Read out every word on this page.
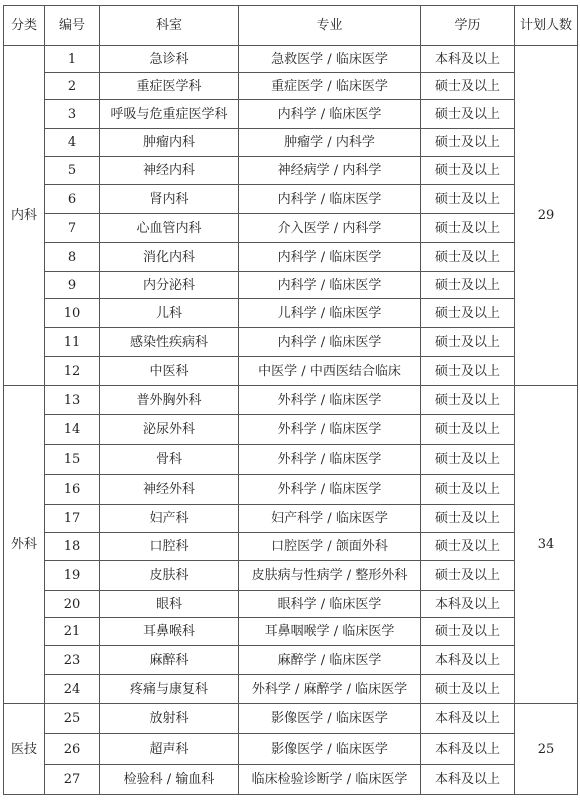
分类	编号	科室	专业	学历	计划人数
内科	1	急诊科	急救医学 / 临床医学	本科及以上	29
	2	重症医学科	重症医学 / 临床医学	硕士及以上	
	3	呼吸与危重症医学科	内科学 / 临床医学	硕士及以上	
	4	肿瘤内科	肿瘤学 / 内科学	硕士及以上	
	5	神经内科	神经病学 / 内科学	硕士及以上	
	6	肾内科	内科学 / 临床医学	硕士及以上	
	7	心血管内科	介入医学 / 内科学	硕士及以上	
	8	消化内科	内科学 / 临床医学	硕士及以上	
	9	内分泌科	内科学 / 临床医学	硕士及以上	
	10	儿科	儿科学 / 临床医学	硕士及以上	
	11	感染性疾病科	内科学 / 临床医学	硕士及以上	
	12	中医科	中医学 / 中西医结合临床	硕士及以上	
外科	13	普外胸外科	外科学 / 临床医学	硕士及以上	34
	14	泌尿外科	外科学 / 临床医学	硕士及以上	
	15	骨科	外科学 / 临床医学	硕士及以上	
	16	神经外科	外科学 / 临床医学	硕士及以上	
	17	妇产科	妇产科学 / 临床医学	硕士及以上	
	18	口腔科	口腔医学 / 颌面外科	硕士及以上	
	19	皮肤科	皮肤病与性病学 / 整形外科	硕士及以上	
	20	眼科	眼科学 / 临床医学	本科及以上	
	21	耳鼻喉科	耳鼻咽喉学 / 临床医学	硕士及以上	
	23	麻醉科	麻醉学 / 临床医学	本科及以上	
	24	疼痛与康复科	外科学 / 麻醉学 / 临床医学	硕士及以上	
医技	25	放射科	影像医学 / 临床医学	本科及以上	25
	26	超声科	影像医学 / 临床医学	本科及以上	
	27	检验科 / 输血科	临床检验诊断学 / 临床医学	本科及以上	
